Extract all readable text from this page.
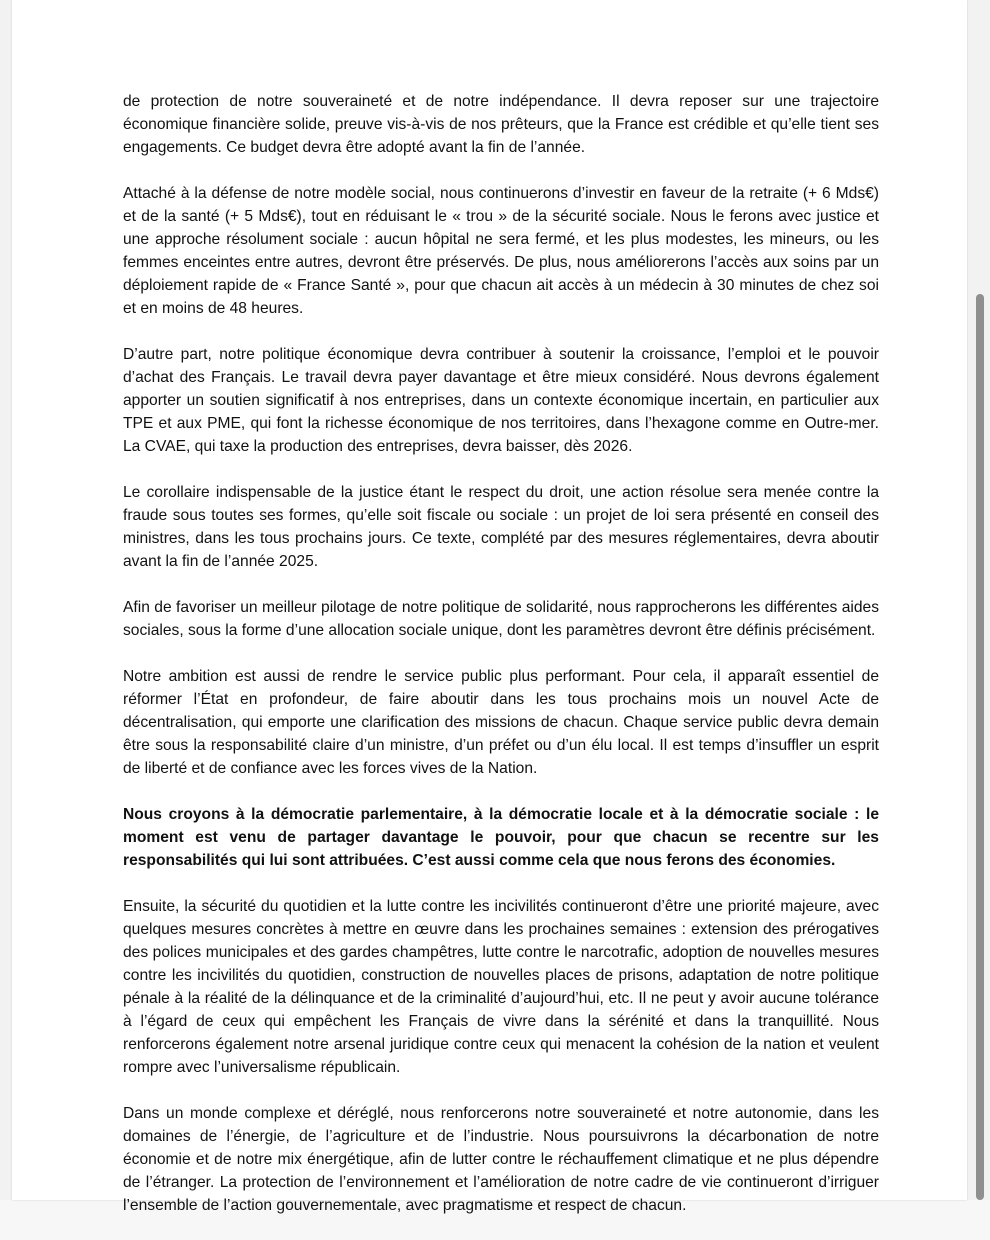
de protection de notre souveraineté et de notre indépendance. Il devra reposer sur une trajectoire économique financière solide, preuve vis-à-vis de nos prêteurs, que la France est crédible et qu’elle tient ses engagements. Ce budget devra être adopté avant la fin de l’année.

Attaché à la défense de notre modèle social, nous continuerons d’investir en faveur de la retraite (+ 6 Mds€) et de la santé (+ 5 Mds€), tout en réduisant le « trou » de la sécurité sociale. Nous le ferons avec justice et une approche résolument sociale : aucun hôpital ne sera fermé, et les plus modestes, les mineurs, ou les femmes enceintes entre autres, devront être préservés. De plus, nous améliorerons l’accès aux soins par un déploiement rapide de « France Santé », pour que chacun ait accès à un médecin à 30 minutes de chez soi et en moins de 48 heures.

D’autre part, notre politique économique devra contribuer à soutenir la croissance, l’emploi et le pouvoir d’achat des Français. Le travail devra payer davantage et être mieux considéré. Nous devrons également apporter un soutien significatif à nos entreprises, dans un contexte économique incertain, en particulier aux TPE et aux PME, qui font la richesse économique de nos territoires, dans l’hexagone comme en Outre-mer. La CVAE, qui taxe la production des entreprises, devra baisser, dès 2026.

Le corollaire indispensable de la justice étant le respect du droit, une action résolue sera menée contre la fraude sous toutes ses formes, qu’elle soit fiscale ou sociale : un projet de loi sera présenté en conseil des ministres, dans les tous prochains jours. Ce texte, complété par des mesures réglementaires, devra aboutir avant la fin de l’année 2025.

Afin de favoriser un meilleur pilotage de notre politique de solidarité, nous rapprocherons les différentes aides sociales, sous la forme d’une allocation sociale unique, dont les paramètres devront être définis précisément.

Notre ambition est aussi de rendre le service public plus performant. Pour cela, il apparaît essentiel de réformer l’État en profondeur, de faire aboutir dans les tous prochains mois un nouvel Acte de décentralisation, qui emporte une clarification des missions de chacun. Chaque service public devra demain être sous la responsabilité claire d’un ministre, d’un préfet ou d’un élu local. Il est temps d’insuffler un esprit de liberté et de confiance avec les forces vives de la Nation.

Nous croyons à la démocratie parlementaire, à la démocratie locale et à la démocratie sociale : le moment est venu de partager davantage le pouvoir, pour que chacun se recentre sur les responsabilités qui lui sont attribuées. C’est aussi comme cela que nous ferons des économies.

Ensuite, la sécurité du quotidien et la lutte contre les incivilités continueront d’être une priorité majeure, avec quelques mesures concrètes à mettre en œuvre dans les prochaines semaines : extension des prérogatives des polices municipales et des gardes champêtres, lutte contre le narcotrafic, adoption de nouvelles mesures contre les incivilités du quotidien, construction de nouvelles places de prisons, adaptation de notre politique pénale à la réalité de la délinquance et de la criminalité d’aujourd’hui, etc. Il ne peut y avoir aucune tolérance à l’égard de ceux qui empêchent les Français de vivre dans la sérénité et dans la tranquillité. Nous renforcerons également notre arsenal juridique contre ceux qui menacent la cohésion de la nation et veulent rompre avec l’universalisme républicain.

Dans un monde complexe et déréglé, nous renforcerons notre souveraineté et notre autonomie, dans les domaines de l’énergie, de l’agriculture et de l’industrie. Nous poursuivrons la décarbonation de notre économie et de notre mix énergétique, afin de lutter contre le réchauffement climatique et ne plus dépendre de l’étranger. La protection de l’environnement et l’amélioration de notre cadre de vie continueront d’irriguer l’ensemble de l’action gouvernementale, avec pragmatisme et respect de chacun.
